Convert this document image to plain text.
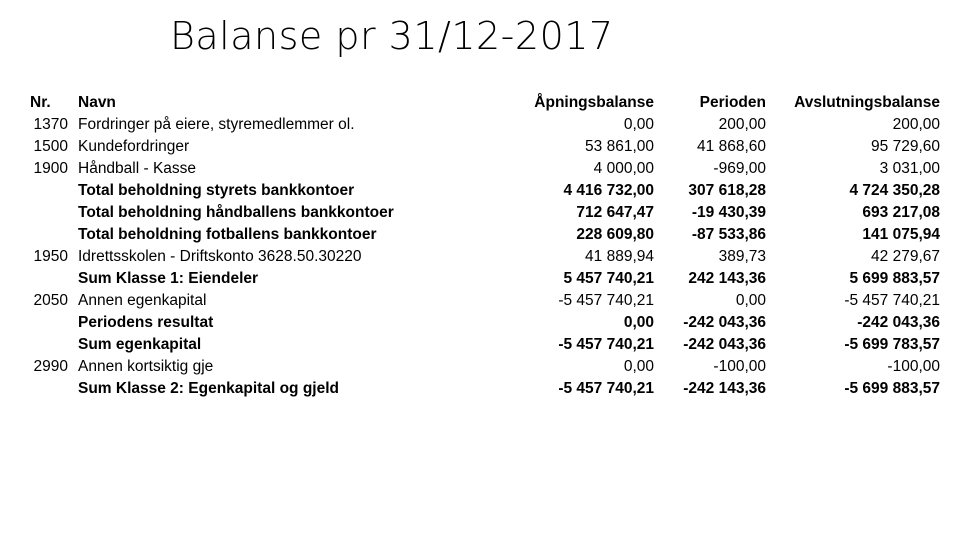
Balanse pr 31/12-2017
Nr.	Navn	Åpningsbalanse	Perioden	Avslutningsbalanse
1370	Fordringer på eiere, styremedlemmer ol.	0,00	200,00	200,00
1500	Kundefordringer	53 861,00	41 868,60	95 729,60
1900	Håndball - Kasse	4 000,00	-969,00	3 031,00
	Total beholdning styrets bankkontoer	4 416 732,00	307 618,28	4 724 350,28
	Total beholdning håndballens bankkontoer	712 647,47	-19 430,39	693 217,08
	Total beholdning fotballens bankkontoer	228 609,80	-87 533,86	141 075,94
1950	Idrettsskolen - Driftskonto 3628.50.30220	41 889,94	389,73	42 279,67
	Sum Klasse 1: Eiendeler	5 457 740,21	242 143,36	5 699 883,57
2050	Annen egenkapital	-5 457 740,21	0,00	-5 457 740,21
	Periodens resultat	0,00	-242 043,36	-242 043,36
	Sum egenkapital	-5 457 740,21	-242 043,36	-5 699 783,57
2990	Annen kortsiktig gje	0,00	-100,00	-100,00
	Sum Klasse 2: Egenkapital og gjeld	-5 457 740,21	-242 143,36	-5 699 883,57
